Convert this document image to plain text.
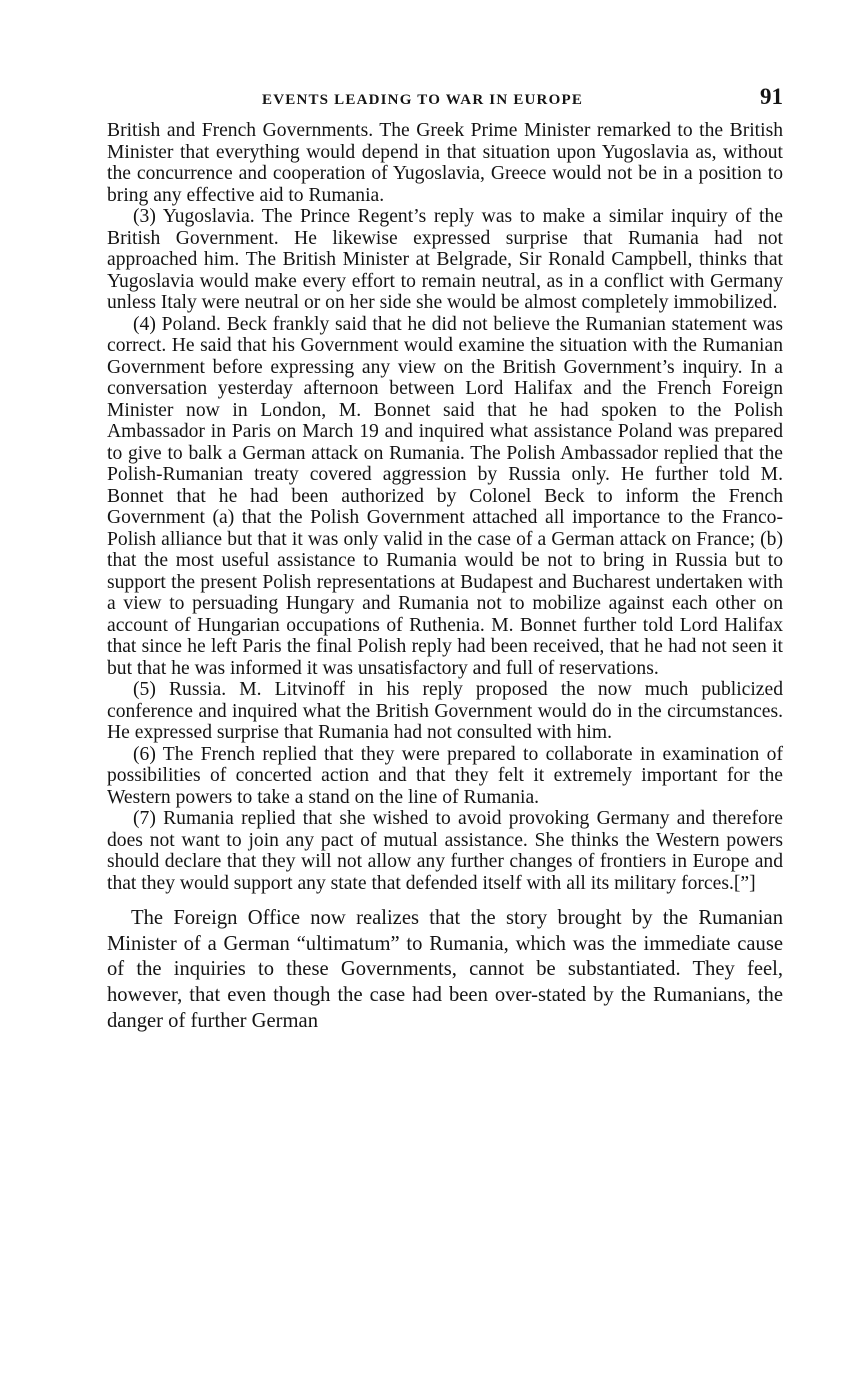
EVENTS LEADING TO WAR IN EUROPE	91

British and French Governments. The Greek Prime Minister remarked to the British Minister that everything would depend in that situation upon Yugoslavia as, without the concurrence and cooperation of Yugoslavia, Greece would not be in a position to bring any effective aid to Rumania.

(3) Yugoslavia. The Prince Regent’s reply was to make a similar inquiry of the British Government. He likewise expressed surprise that Rumania had not approached him. The British Minister at Belgrade, Sir Ronald Campbell, thinks that Yugoslavia would make every effort to remain neutral, as in a conflict with Germany unless Italy were neutral or on her side she would be almost completely immobilized.

(4) Poland. Beck frankly said that he did not believe the Rumanian statement was correct. He said that his Government would examine the situation with the Rumanian Government before expressing any view on the British Government’s inquiry. In a conversation yesterday afternoon between Lord Halifax and the French Foreign Minister now in London, M. Bonnet said that he had spoken to the Polish Ambassador in Paris on March 19 and inquired what assistance Poland was prepared to give to balk a German attack on Rumania. The Polish Ambassador replied that the Polish-Rumanian treaty covered aggression by Russia only. He further told M. Bonnet that he had been authorized by Colonel Beck to inform the French Government (a) that the Polish Government attached all importance to the Franco-Polish alliance but that it was only valid in the case of a German attack on France; (b) that the most useful assistance to Rumania would be not to bring in Russia but to support the present Polish representations at Budapest and Bucharest undertaken with a view to persuading Hungary and Rumania not to mobilize against each other on account of Hungarian occupations of Ruthenia. M. Bonnet further told Lord Halifax that since he left Paris the final Polish reply had been received, that he had not seen it but that he was informed it was unsatisfactory and full of reservations.

(5) Russia. M. Litvinoff in his reply proposed the now much publicized conference and inquired what the British Government would do in the circumstances. He expressed surprise that Rumania had not consulted with him.

(6) The French replied that they were prepared to collaborate in examination of possibilities of concerted action and that they felt it extremely important for the Western powers to take a stand on the line of Rumania.

(7) Rumania replied that she wished to avoid provoking Germany and therefore does not want to join any pact of mutual assistance. She thinks the Western powers should declare that they will not allow any further changes of frontiers in Europe and that they would support any state that defended itself with all its military forces.[”]

The Foreign Office now realizes that the story brought by the Rumanian Minister of a German “ultimatum” to Rumania, which was the immediate cause of the inquiries to these Governments, cannot be substantiated. They feel, however, that even though the case had been over-stated by the Rumanians, the danger of further German
